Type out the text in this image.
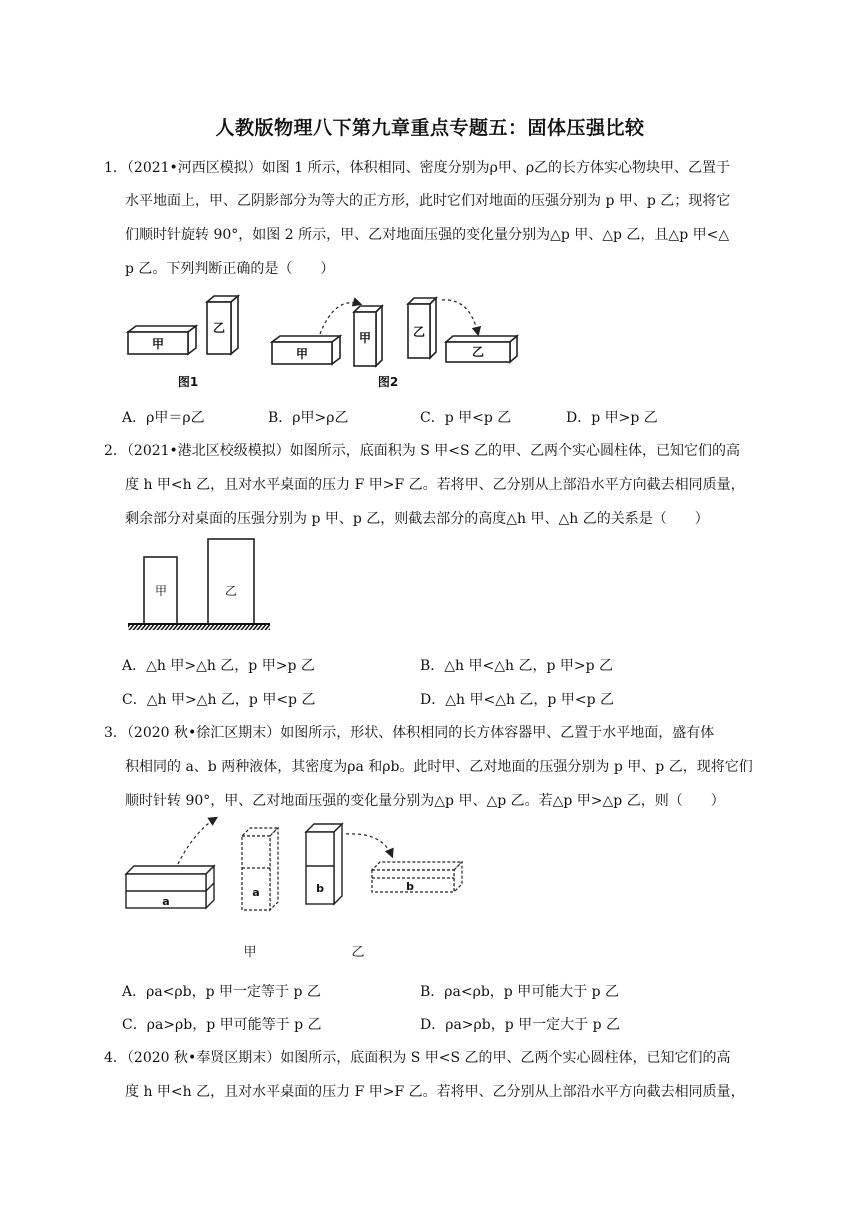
人教版物理八下第九章重点专题五：固体压强比较
1．（2021•河西区模拟）如图 1 所示，体积相同、密度分别为ρ甲、ρ乙的长方体实心物块甲、乙置于
水平地面上，甲、乙阴影部分为等大的正方形，此时它们对地面的压强分别为 p 甲、p 乙；现将它
们顺时针旋转 90°，如图 2 所示，甲、乙对地面压强的变化量分别为△p 甲、△p 乙，且△p 甲<△
p 乙。下列判断正确的是（　　）
甲
乙
图1
甲
甲	乙
乙
图2
A．ρ甲＝ρ乙	B．ρ甲>ρ乙	C．p 甲<p 乙	D．p 甲>p 乙
2．（2021•港北区校级模拟）如图所示，底面积为 S 甲<S 乙的甲、乙两个实心圆柱体，已知它们的高
度 h 甲<h 乙，且对水平桌面的压力 F 甲>F 乙。若将甲、乙分别从上部沿水平方向截去相同质量，
剩余部分对桌面的压强分别为 p 甲、p 乙，则截去部分的高度△h 甲、△h 乙的关系是（　　）
甲	乙
A．△h 甲>△h 乙，p 甲>p 乙	B．△h 甲<△h 乙，p 甲>p 乙
C．△h 甲>△h 乙，p 甲<p 乙	D．△h 甲<△h 乙，p 甲<p 乙
3．（2020 秋•徐汇区期末）如图所示，形状、体积相同的长方体容器甲、乙置于水平地面，盛有体
积相同的 a、b 两种液体，其密度为ρa 和ρb。此时甲、乙对地面的压强分别为 p 甲、p 乙，现将它们
顺时针转 90°，甲、乙对地面压强的变化量分别为△p 甲、△p 乙。若△p 甲>△p 乙，则（　　）
a
a	b	b
甲	乙
A．ρa<ρb，p 甲一定等于 p 乙	B．ρa<ρb，p 甲可能大于 p 乙
C．ρa>ρb，p 甲可能等于 p 乙	D．ρa>ρb，p 甲一定大于 p 乙
4．（2020 秋•奉贤区期末）如图所示，底面积为 S 甲<S 乙的甲、乙两个实心圆柱体，已知它们的高
度 h 甲<h 乙，且对水平桌面的压力 F 甲>F 乙。若将甲、乙分别从上部沿水平方向截去相同质量，
